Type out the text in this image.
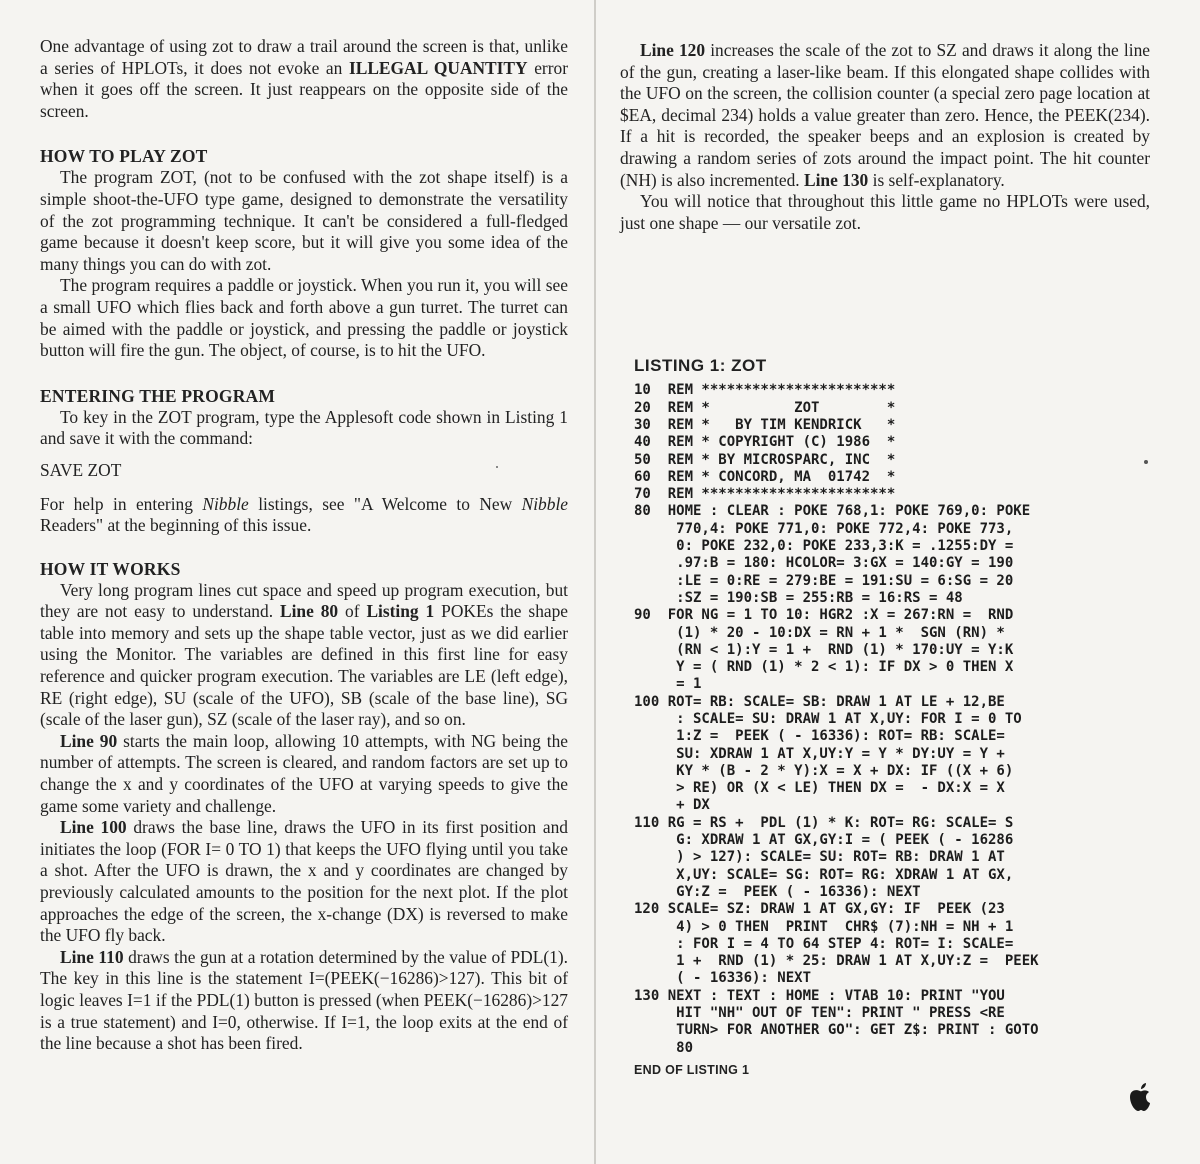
One advantage of using zot to draw a trail around the screen is that, unlike a series of HPLOTs, it does not evoke an ILLEGAL QUANTITY error when it goes off the screen. It just reappears on the opposite side of the screen.

HOW TO PLAY ZOT

The program ZOT, (not to be confused with the zot shape itself) is a simple shoot-the-UFO type game, designed to demonstrate the versatility of the zot programming technique. It can't be considered a full-fledged game because it doesn't keep score, but it will give you some idea of the many things you can do with zot.

The program requires a paddle or joystick. When you run it, you will see a small UFO which flies back and forth above a gun turret. The turret can be aimed with the paddle or joystick, and pressing the paddle or joystick button will fire the gun. The object, of course, is to hit the UFO.

ENTERING THE PROGRAM

To key in the ZOT program, type the Applesoft code shown in Listing 1 and save it with the command:

SAVE ZOT

For help in entering Nibble listings, see "A Welcome to New Nibble Readers" at the beginning of this issue.

HOW IT WORKS

Very long program lines cut space and speed up program execution, but they are not easy to understand. Line 80 of Listing 1 POKEs the shape table into memory and sets up the shape table vector, just as we did earlier using the Monitor. The variables are defined in this first line for easy reference and quicker program execution. The variables are LE (left edge), RE (right edge), SU (scale of the UFO), SB (scale of the base line), SG (scale of the laser gun), SZ (scale of the laser ray), and so on.

Line 90 starts the main loop, allowing 10 attempts, with NG being the number of attempts. The screen is cleared, and random factors are set up to change the x and y coordinates of the UFO at varying speeds to give the game some variety and challenge.

Line 100 draws the base line, draws the UFO in its first position and initiates the loop (FOR I= 0 TO 1) that keeps the UFO flying until you take a shot. After the UFO is drawn, the x and y coordinates are changed by previously calculated amounts to the position for the next plot. If the plot approaches the edge of the screen, the x-change (DX) is reversed to make the UFO fly back.

Line 110 draws the gun at a rotation determined by the value of PDL(1). The key in this line is the statement I=(PEEK(−16286)>127). This bit of logic leaves I=1 if the PDL(1) button is pressed (when PEEK(−16286)>127 is a true statement) and I=0, otherwise. If I=1, the loop exits at the end of the line because a shot has been fired.

Line 120 increases the scale of the zot to SZ and draws it along the line of the gun, creating a laser-like beam. If this elongated shape collides with the UFO on the screen, the collision counter (a special zero page location at $EA, decimal 234) holds a value greater than zero. Hence, the PEEK(234). If a hit is recorded, the speaker beeps and an explosion is created by drawing a random series of zots around the impact point. The hit counter (NH) is also incremented. Line 130 is self-explanatory.

You will notice that throughout this little game no HPLOTs were used, just one shape — our versatile zot.

LISTING 1: ZOT

10  REM ***********************
20  REM *          ZOT        *
30  REM *   BY TIM KENDRICK   *
40  REM * COPYRIGHT (C) 1986  *
50  REM * BY MICROSPARC, INC  *
60  REM * CONCORD, MA  01742  *
70  REM ***********************
80  HOME : CLEAR : POKE 768,1: POKE 769,0: POKE
770,4: POKE 771,0: POKE 772,4: POKE 773,
0: POKE 232,0: POKE 233,3:K = .1255:DY =
.97:B = 180: HCOLOR= 3:GX = 140:GY = 190
:LE = 0:RE = 279:BE = 191:SU = 6:SG = 20
:SZ = 190:SB = 255:RB = 16:RS = 48
90  FOR NG = 1 TO 10: HGR2 :X = 267:RN =  RND
(1) * 20 - 10:DX = RN + 1 *  SGN (RN) *
(RN < 1):Y = 1 +  RND (1) * 170:UY = Y:K
Y = ( RND (1) * 2 < 1): IF DX > 0 THEN X
= 1
100 ROT= RB: SCALE= SB: DRAW 1 AT LE + 12,BE
: SCALE= SU: DRAW 1 AT X,UY: FOR I = 0 TO
1:Z =  PEEK ( - 16336): ROT= RB: SCALE=
SU: XDRAW 1 AT X,UY:Y = Y * DY:UY = Y +
KY * (B - 2 * Y):X = X + DX: IF ((X + 6)
> RE) OR (X < LE) THEN DX =  - DX:X = X
+ DX
110 RG = RS +  PDL (1) * K: ROT= RG: SCALE= S
G: XDRAW 1 AT GX,GY:I = ( PEEK ( - 16286
) > 127): SCALE= SU: ROT= RB: DRAW 1 AT
X,UY: SCALE= SG: ROT= RG: XDRAW 1 AT GX,
GY:Z =  PEEK ( - 16336): NEXT
120 SCALE= SZ: DRAW 1 AT GX,GY: IF  PEEK (23
4) > 0 THEN  PRINT  CHR$ (7):NH = NH + 1
: FOR I = 4 TO 64 STEP 4: ROT= I: SCALE=
1 +  RND (1) * 25: DRAW 1 AT X,UY:Z =  PEEK
( - 16336): NEXT
130 NEXT : TEXT : HOME : VTAB 10: PRINT "YOU
HIT "NH" OUT OF TEN": PRINT " PRESS <RE
TURN> FOR ANOTHER GO": GET Z$: PRINT : GOTO
80

END OF LISTING 1
